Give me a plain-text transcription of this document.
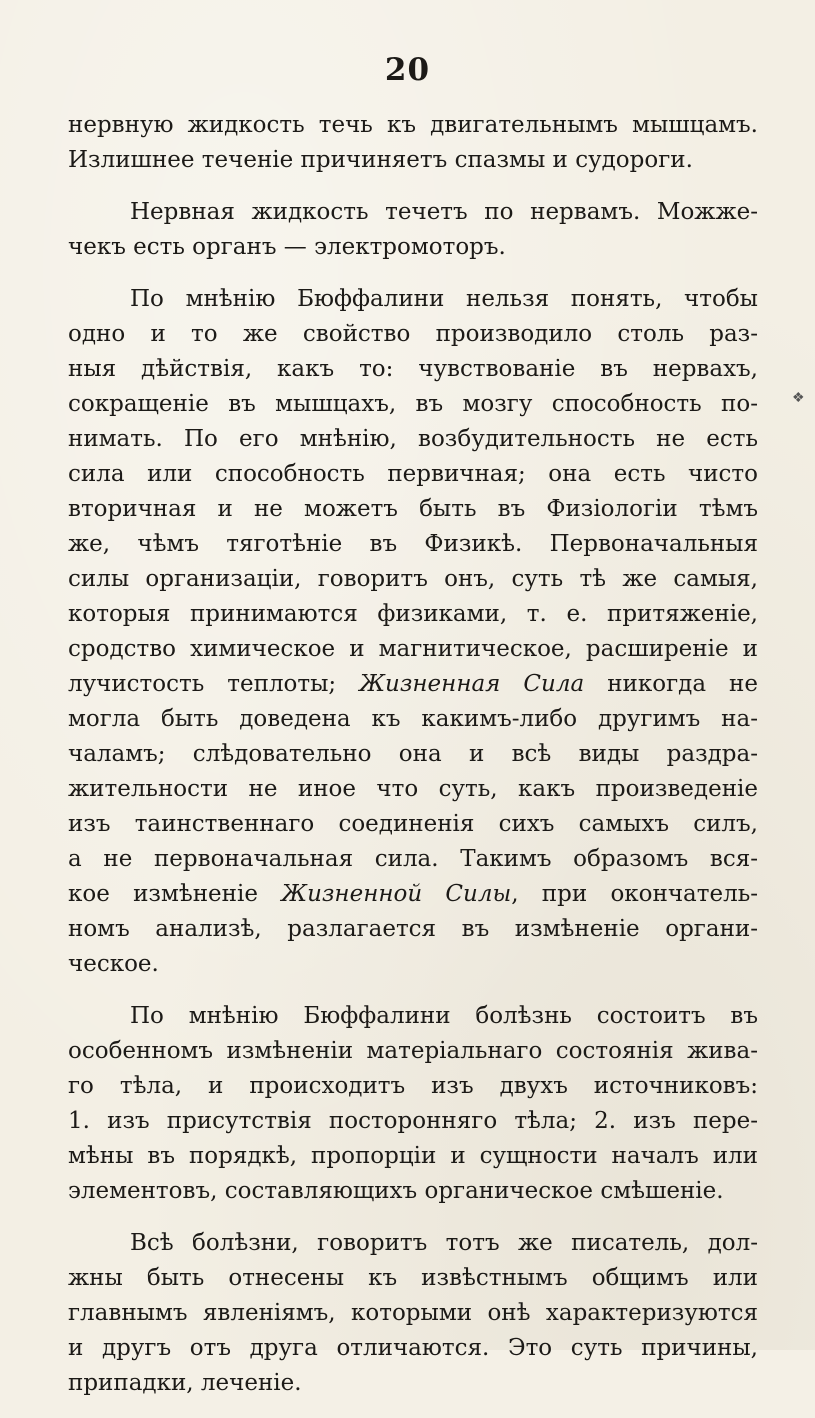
20
нервную жидкость течь къ двигательнымъ мышцамъ.
Излишнее теченіе причиняетъ спазмы и судороги.
Нервная жидкость течетъ по нервамъ. Можже-
чекъ есть органъ — электромоторъ.
По мнѣнію Бюффалини нельзя понять, чтобы
одно и то же свойство производило столь раз-
ныя дѣйствія, какъ то: чувствованіе въ нервахъ,
сокращеніе въ мышцахъ, въ мозгу способность по-
нимать. По его мнѣнію, возбудительность не есть
сила или способность первичная; она есть чисто
вторичная и не можетъ быть въ Физіологіи тѣмъ
же, чѣмъ тяготѣніе въ Физикѣ. Первоначальныя
силы организаціи, говоритъ онъ, суть тѣ же самыя,
которыя принимаются физиками, т. е. притяженіе,
сродство химическое и магнитическое, расширеніе и
лучистость теплоты; Жизненная Сила никогда не
могла быть доведена къ какимъ-либо другимъ на-
чаламъ; слѣдовательно она и всѣ виды раздра-
жительности не иное что суть, какъ произведеніе
изъ таинственнаго соединенія сихъ самыхъ силъ,
а не первоначальная сила. Такимъ образомъ вся-
кое измѣненіе Жизненной Силы, при окончатель-
номъ анализѣ, разлагается въ измѣненіе органи-
ческое.
По мнѣнію Бюффалини болѣзнь состоитъ въ
особенномъ измѣненіи матеріальнаго состоянія жива-
го тѣла, и происходитъ изъ двухъ источниковъ:
1. изъ присутствія посторонняго тѣла; 2. изъ пере-
мѣны въ порядкѣ, пропорціи и сущности началъ или
элементовъ, составляющихъ органическое смѣшеніе.
Всѣ болѣзни, говоритъ тотъ же писатель, дол-
жны быть отнесены къ извѣстнымъ общимъ или
главнымъ явленіямъ, которыми онѣ характеризуются
и другъ отъ друга отличаются. Это суть причины,
припадки, леченіе.
❖
